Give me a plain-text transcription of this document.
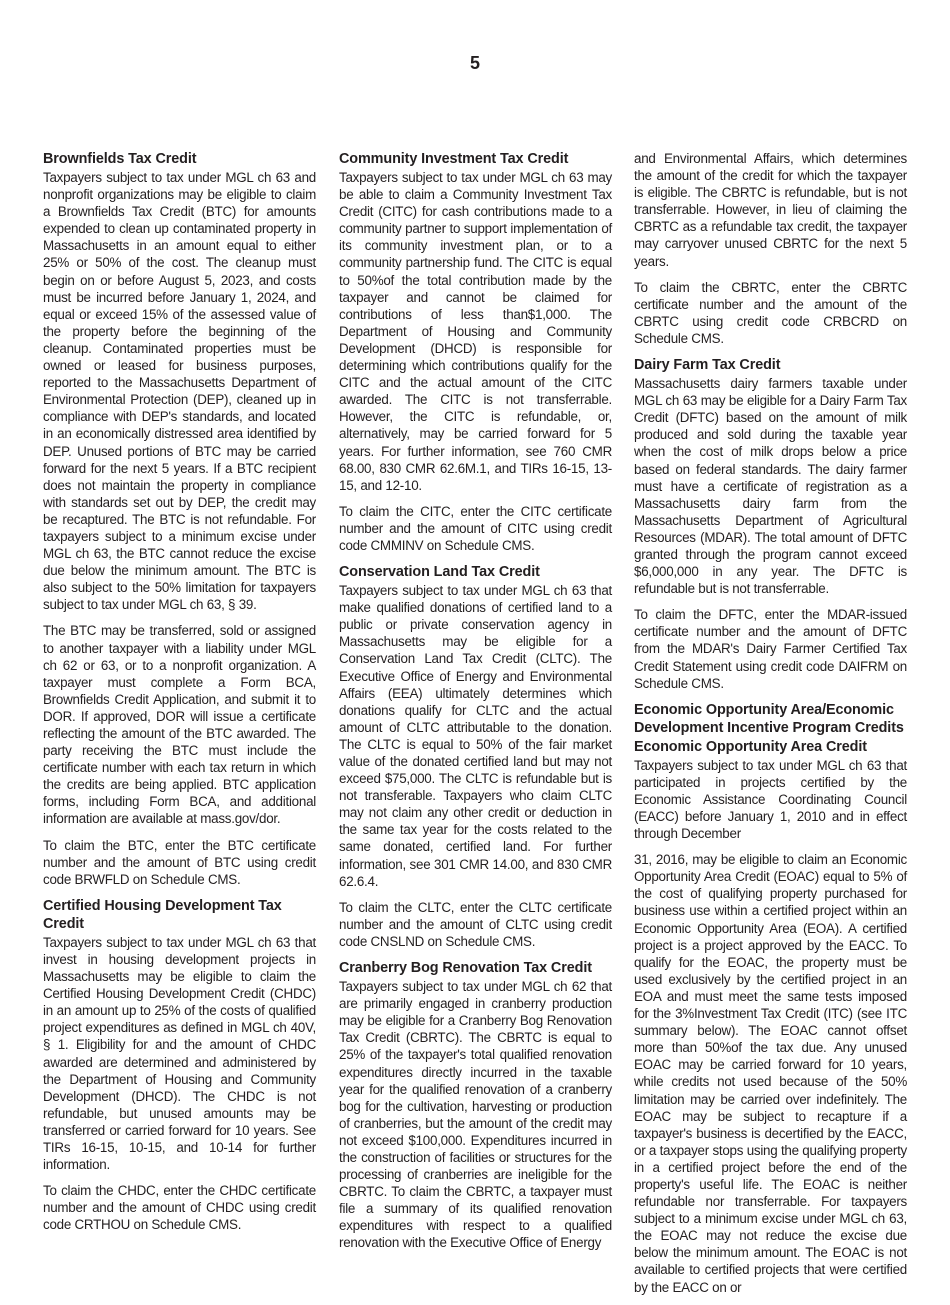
5
Brownfields Tax Credit

Taxpayers subject to tax under MGL ch 63 and nonprofit organizations may be eligible to claim a Brownfields Tax Credit (BTC) for amounts expended to clean up contaminated property in Massachusetts in an amount equal to either 25% or 50% of the cost. The cleanup must begin on or before August 5, 2023, and costs must be incurred before January 1, 2024, and equal or exceed 15% of the assessed value of the property before the beginning of the cleanup. Contaminated properties must be owned or leased for business purposes, reported to the Massachusetts Department of Environmental Protection (DEP), cleaned up in compliance with DEP's standards, and located in an economically distressed area identified by DEP. Unused portions of BTC may be carried forward for the next 5 years. If a BTC recipient does not maintain the property in compliance with standards set out by DEP, the credit may be recaptured. The BTC is not refundable. For taxpayers subject to a minimum excise under MGL ch 63, the BTC cannot reduce the excise due below the minimum amount. The BTC is also subject to the 50% limitation for taxpayers subject to tax under MGL ch 63, § 39.

The BTC may be transferred, sold or assigned to another taxpayer with a liability under MGL ch 62 or 63, or to a nonprofit organization. A taxpayer must complete a Form BCA, Brownfields Credit Application, and submit it to DOR. If approved, DOR will issue a certificate reflecting the amount of the BTC awarded. The party receiving the BTC must include the certificate number with each tax return in which the credits are being applied. BTC application forms, including Form BCA, and additional information are available at mass.gov/dor.

To claim the BTC, enter the BTC certificate number and the amount of BTC using credit code BRWFLD on Schedule CMS.

Certified Housing Development Tax Credit

Taxpayers subject to tax under MGL ch 63 that invest in housing development projects in Massachusetts may be eligible to claim the Certified Housing Development Credit (CHDC) in an amount up to 25% of the costs of qualified project expenditures as defined in MGL ch 40V, § 1. Eligibility for and the amount of CHDC awarded are determined and administered by the Department of Housing and Community Development (DHCD). The CHDC is not refundable, but unused amounts may be transferred or carried forward for 10 years. See TIRs 16-15, 10-15, and 10-14 for further information.

To claim the CHDC, enter the CHDC certificate number and the amount of CHDC using credit code CRTHOU on Schedule CMS.

Community Investment Tax Credit

Taxpayers subject to tax under MGL ch 63 may be able to claim a Community Investment Tax Credit (CITC) for cash contributions made to a community partner to support implementation of its community investment plan, or to a community partnership fund. The CITC is equal to 50%of the total contribution made by the taxpayer and cannot be claimed for contributions of less than$1,000. The Department of Housing and Community Development (DHCD) is responsible for determining which contributions qualify for the CITC and the actual amount of the CITC awarded. The CITC is not transferrable. However, the CITC is refundable, or, alternatively, may be carried forward for 5 years. For further information, see 760 CMR 68.00, 830 CMR 62.6M.1, and TIRs 16-15, 13-15, and 12-10.

To claim the CITC, enter the CITC certificate number and the amount of CITC using credit code CMMINV on Schedule CMS.

Conservation Land Tax Credit

Taxpayers subject to tax under MGL ch 63 that make qualified donations of certified land to a public or private conservation agency in Massachusetts may be eligible for a Conservation Land Tax Credit (CLTC). The Executive Office of Energy and Environmental Affairs (EEA) ultimately determines which donations qualify for CLTC and the actual amount of CLTC attributable to the donation. The CLTC is equal to 50% of the fair market value of the donated certified land but may not exceed $75,000. The CLTC is refundable but is not transferable. Taxpayers who claim CLTC may not claim any other credit or deduction in the same tax year for the costs related to the same donated, certified land. For further information, see 301 CMR 14.00, and 830 CMR 62.6.4.

To claim the CLTC, enter the CLTC certificate number and the amount of CLTC using credit code CNSLND on Schedule CMS.

Cranberry Bog Renovation Tax Credit

Taxpayers subject to tax under MGL ch 62 that are primarily engaged in cranberry production may be eligible for a Cranberry Bog Renovation Tax Credit (CBRTC). The CBRTC is equal to 25% of the taxpayer's total qualified renovation expenditures directly incurred in the taxable year for the qualified renovation of a cranberry bog for the cultivation, harvesting or production of cranberries, but the amount of the credit may not exceed $100,000. Expenditures incurred in the construction of facilities or structures for the processing of cranberries are ineligible for the CBRTC. To claim the CBRTC, a taxpayer must file a summary of its qualified renovation expenditures with respect to a qualified renovation with the Executive Office of Energy

and Environmental Affairs, which determines the amount of the credit for which the taxpayer is eligible. The CBRTC is refundable, but is not transferrable. However, in lieu of claiming the CBRTC as a refundable tax credit, the taxpayer may carryover unused CBRTC for the next 5 years.

To claim the CBRTC, enter the CBRTC certificate number and the amount of the CBRTC using credit code CRBCRD on Schedule CMS.

Dairy Farm Tax Credit

Massachusetts dairy farmers taxable under MGL ch 63 may be eligible for a Dairy Farm Tax Credit (DFTC) based on the amount of milk produced and sold during the taxable year when the cost of milk drops below a price based on federal standards. The dairy farmer must have a certificate of registration as a Massachusetts dairy farm from the Massachusetts Department of Agricultural Resources (MDAR). The total amount of DFTC granted through the program cannot exceed $6,000,000 in any year. The DFTC is refundable but is not transferrable.

To claim the DFTC, enter the MDAR-issued certificate number and the amount of DFTC from the MDAR's Dairy Farmer Certified Tax Credit Statement using credit code DAIFRM on Schedule CMS.

Economic Opportunity Area/Economic Development Incentive Program Credits
Economic Opportunity Area Credit

Taxpayers subject to tax under MGL ch 63 that participated in projects certified by the Economic Assistance Coordinating Council (EACC) before January 1, 2010 and in effect through December

31, 2016, may be eligible to claim an Economic Opportunity Area Credit (EOAC) equal to 5% of the cost of qualifying property purchased for business use within a certified project within an Economic Opportunity Area (EOA). A certified project is a project approved by the EACC. To qualify for the EOAC, the property must be used exclusively by the certified project in an EOA and must meet the same tests imposed for the 3%Investment Tax Credit (ITC) (see ITC summary below). The EOAC cannot offset more than 50%of the tax due. Any unused EOAC may be carried forward for 10 years, while credits not used because of the 50% limitation may be carried over indefinitely. The EOAC may be subject to recapture if a taxpayer's business is decertified by the EACC, or a taxpayer stops using the qualifying property in a certified project before the end of the property's useful life. The EOAC is neither refundable nor transferrable. For taxpayers subject to a minimum excise under MGL ch 63, the EOAC may not reduce the excise due below the minimum amount. The EOAC is not available to certified projects that were certified by the EACC on or
